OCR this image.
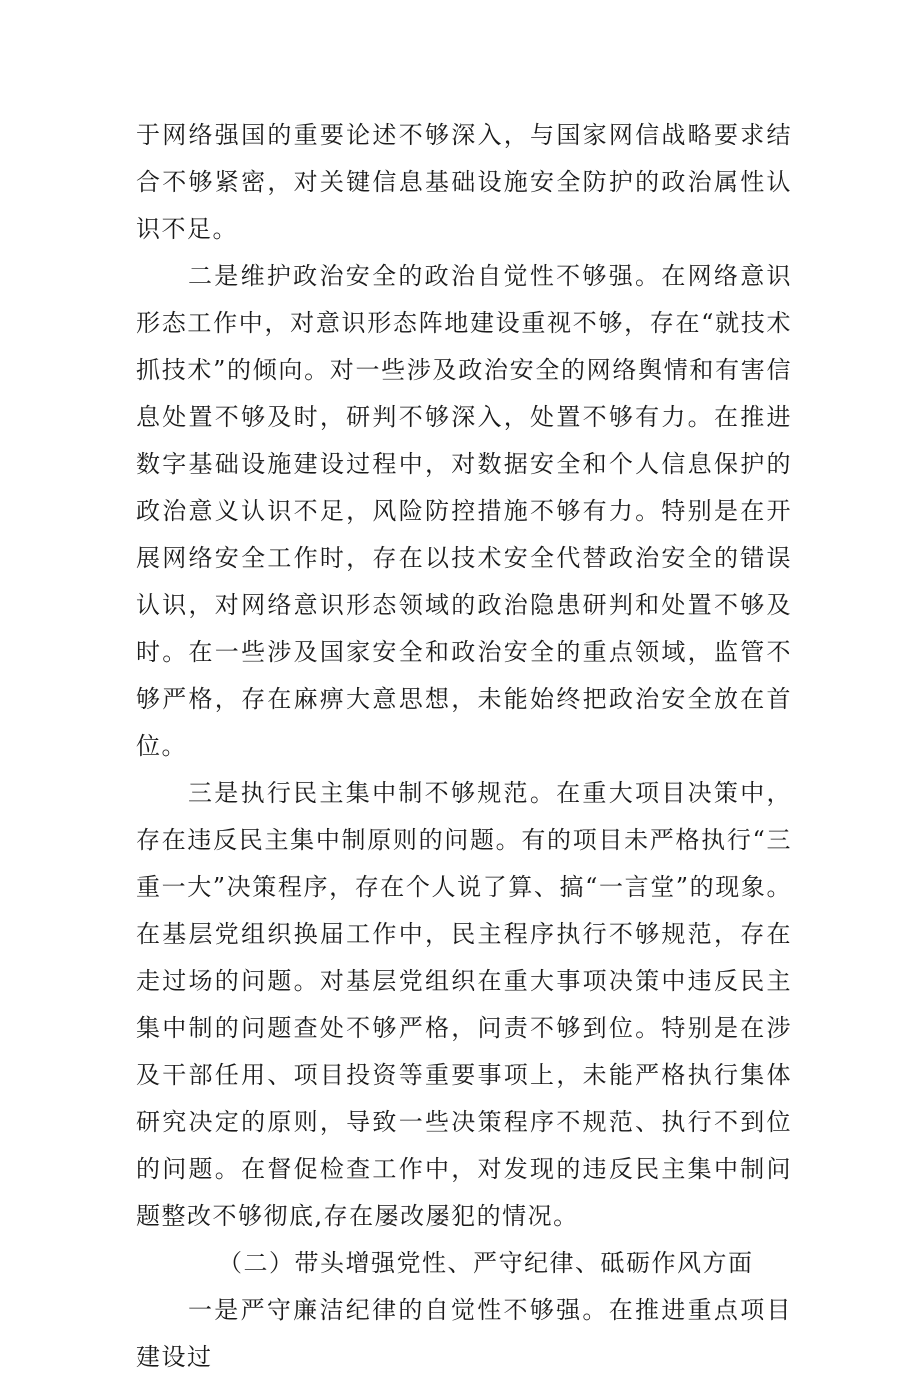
于网络强国的重要论述不够深入，与国家网信战略要求结合不够紧密，对关键信息基础设施安全防护的政治属性认识不足。

二是维护政治安全的政治自觉性不够强。在网络意识形态工作中，对意识形态阵地建设重视不够，存在“就技术抓技术”的倾向。对一些涉及政治安全的网络舆情和有害信息处置不够及时，研判不够深入，处置不够有力。在推进数字基础设施建设过程中，对数据安全和个人信息保护的政治意义认识不足，风险防控措施不够有力。特别是在开展网络安全工作时，存在以技术安全代替政治安全的错误认识，对网络意识形态领域的政治隐患研判和处置不够及时。在一些涉及国家安全和政治安全的重点领域，监管不够严格，存在麻痹大意思想，未能始终把政治安全放在首位。

三是执行民主集中制不够规范。在重大项目决策中，存在违反民主集中制原则的问题。有的项目未严格执行“三重一大”决策程序，存在个人说了算、搞“一言堂”的现象。在基层党组织换届工作中，民主程序执行不够规范，存在走过场的问题。对基层党组织在重大事项决策中违反民主集中制的问题查处不够严格，问责不够到位。特别是在涉及干部任用、项目投资等重要事项上，未能严格执行集体研究决定的原则，导致一些决策程序不规范、执行不到位的问题。在督促检查工作中，对发现的违反民主集中制问题整改不够彻底,存在屡改屡犯的情况。

（二）带头增强党性、严守纪律、砥砺作风方面

一是严守廉洁纪律的自觉性不够强。在推进重点项目建设过
